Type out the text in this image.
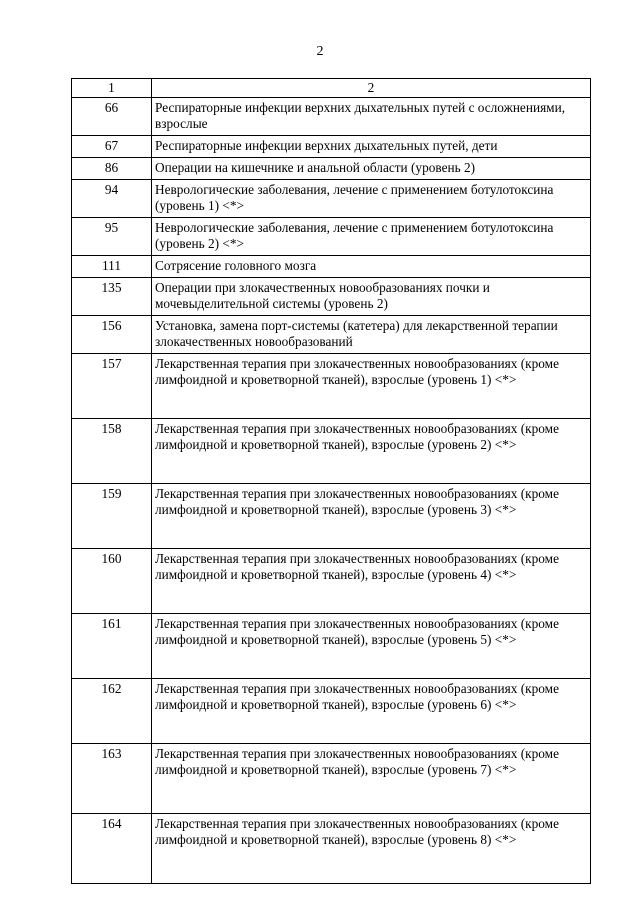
2
1	2
66	Респираторные инфекции верхних дыхательных путей с осложнениями, взрослые
67	Респираторные инфекции верхних дыхательных путей, дети
86	Операции на кишечнике и анальной области (уровень 2)
94	Неврологические заболевания, лечение с применением ботулотоксина (уровень 1) <*>
95	Неврологические заболевания, лечение с применением ботулотоксина (уровень 2) <*>
111	Сотрясение головного мозга
135	Операции при злокачественных новообразованиях почки и мочевыделительной системы (уровень 2)
156	Установка, замена порт-системы (катетера) для лекарственной терапии злокачественных новообразований
157	Лекарственная терапия при злокачественных новообразованиях (кроме лимфоидной и кроветворной тканей), взрослые (уровень 1) <*>
158	Лекарственная терапия при злокачественных новообразованиях (кроме лимфоидной и кроветворной тканей), взрослые (уровень 2) <*>
159	Лекарственная терапия при злокачественных новообразованиях (кроме лимфоидной и кроветворной тканей), взрослые (уровень 3) <*>
160	Лекарственная терапия при злокачественных новообразованиях (кроме лимфоидной и кроветворной тканей), взрослые (уровень 4) <*>
161	Лекарственная терапия при злокачественных новообразованиях (кроме лимфоидной и кроветворной тканей), взрослые (уровень 5) <*>
162	Лекарственная терапия при злокачественных новообразованиях (кроме лимфоидной и кроветворной тканей), взрослые (уровень 6) <*>
163	Лекарственная терапия при злокачественных новообразованиях (кроме лимфоидной и кроветворной тканей), взрослые (уровень 7) <*>
164	Лекарственная терапия при злокачественных новообразованиях (кроме лимфоидной и кроветворной тканей), взрослые (уровень 8) <*>
